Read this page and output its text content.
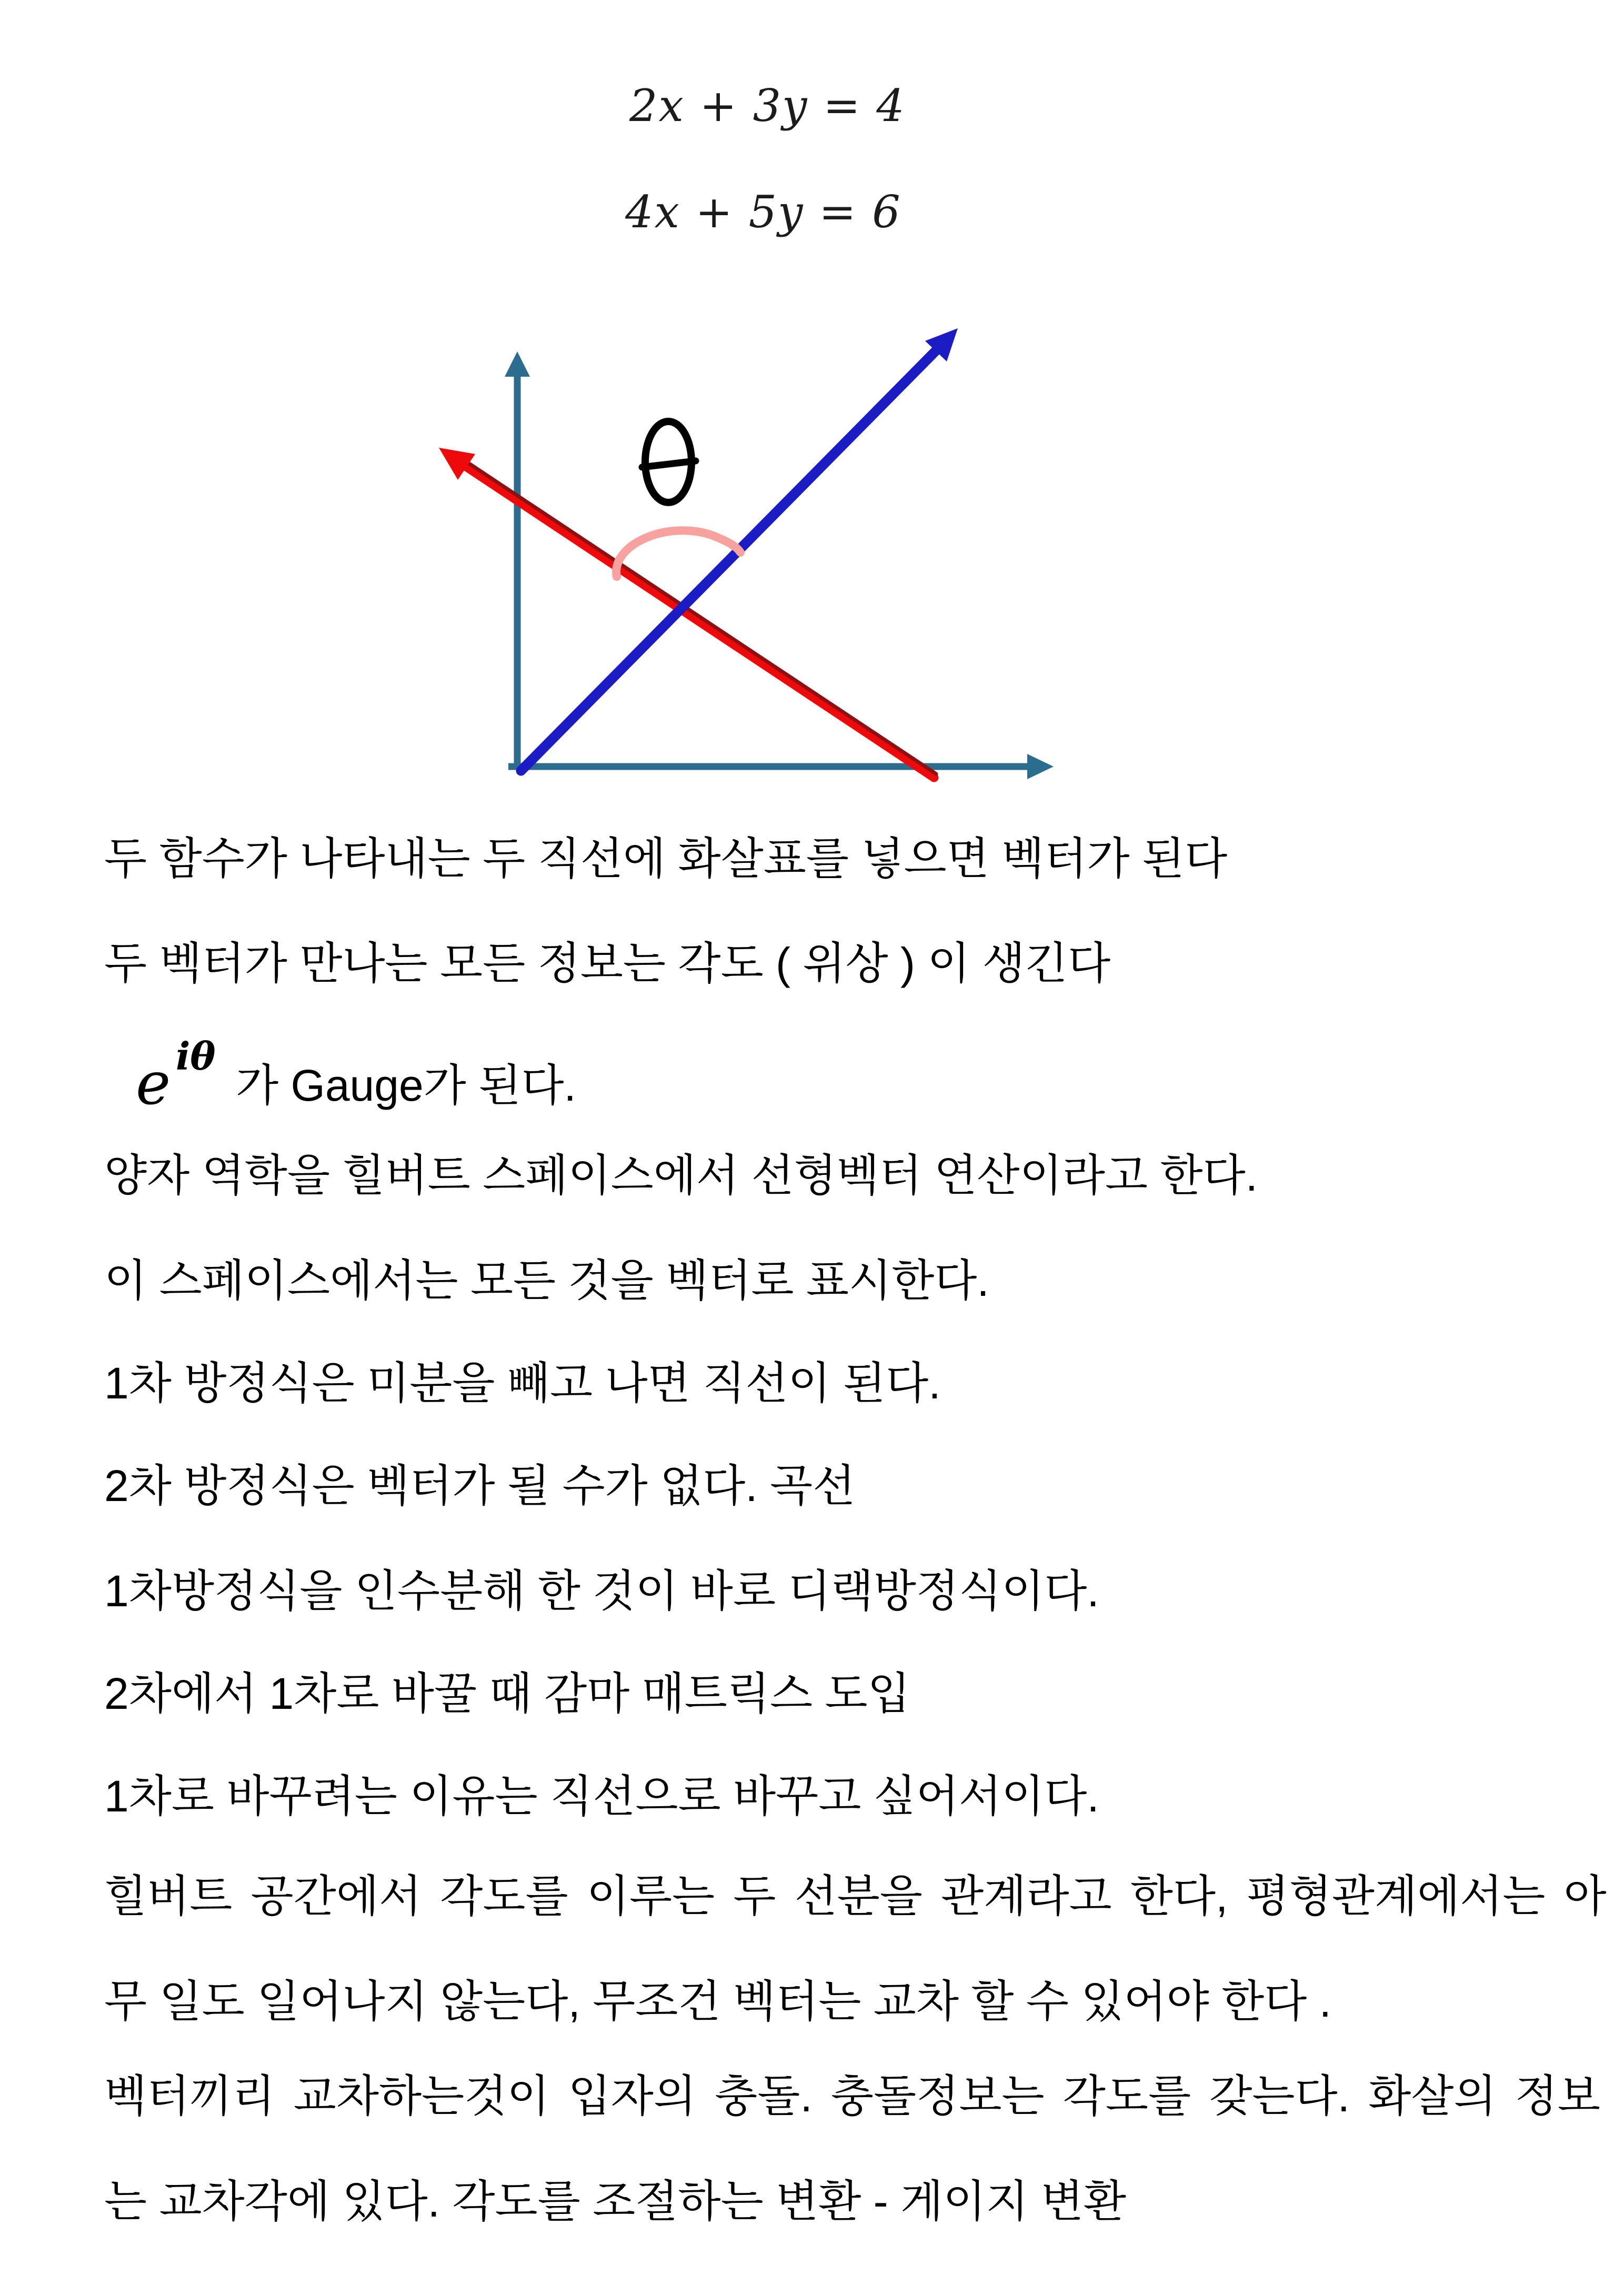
2x + 3y = 4
4x + 5y = 6
두 함수가 나타내는 두 직선에 화살표를 넣으면 벡터가 된다
두 벡터가 만나는 모든 정보는 각도 ( 위상 ) 이 생긴다
e iθ
가 Gauge가 된다.
양자 역학을 힐버트 스페이스에서 선형벡터 연산이라고 한다.
이 스페이스에서는 모든 것을 벡터로 표시한다.
1차 방정식은 미분을 빼고 나면 직선이 된다.
2차 방정식은 벡터가 될 수가 없다. 곡선
1차방정식을 인수분해 한 것이 바로 디랙방정식이다.
2차에서 1차로 바꿀 때 감마 매트릭스 도입
1차로 바꾸려는 이유는 직선으로 바꾸고 싶어서이다.
힐버트 공간에서 각도를 이루는 두 선분을 관계라고 한다, 평형관계에서는 아
무 일도 일어나지 않는다, 무조건 벡터는 교차 할 수 있어야 한다 .
벡터끼리 교차하는것이 입자의 충돌. 충돌정보는 각도를 갖는다. 화살의 정보
는 교차각에 있다. 각도를 조절하는 변환 - 게이지 변환
